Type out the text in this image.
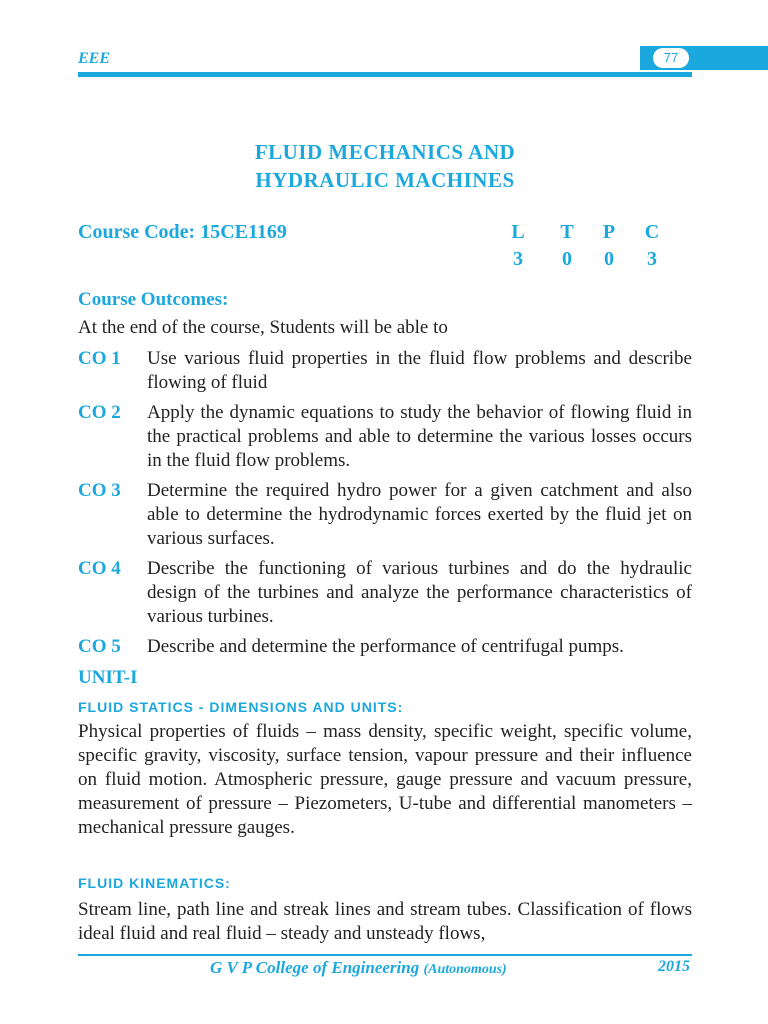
EEE	77
FLUID MECHANICS AND
HYDRAULIC MACHINES
Course Code: 15CE1169	L T P C
3	0	0	3
Course Outcomes:
At the end of the course, Students will be able to
CO 1 Use various fluid properties in the fluid flow problems and describe flowing of fluid
CO 2 Apply the dynamic equations to study the behavior of flowing fluid in the practical problems and able to determine the various losses occurs in the fluid flow problems.
CO 3 Determine the required hydro power for a given catchment and also able to determine the hydrodynamic forces exerted by the fluid jet on various surfaces.
CO 4 Describe the functioning of various turbines and do the hydraulic design of the turbines and analyze the performance characteristics of various turbines.
CO 5 Describe and determine the performance of centrifugal pumps.
UNIT-I
FLUID STATICS - DIMENSIONS AND UNITS:
Physical properties of fluids – mass density, specific weight, specific volume, specific gravity, viscosity, surface tension, vapour pressure and their influence on fluid motion. Atmospheric pressure, gauge pressure and vacuum pressure, measurement of pressure – Piezometers, U-tube and differential manometers – mechanical pressure gauges.
FLUID KINEMATICS:
Stream line, path line and streak lines and stream tubes. Classification of flows ideal fluid and real fluid – steady and unsteady flows,
G V P College of Engineering (Autonomous)	2015
